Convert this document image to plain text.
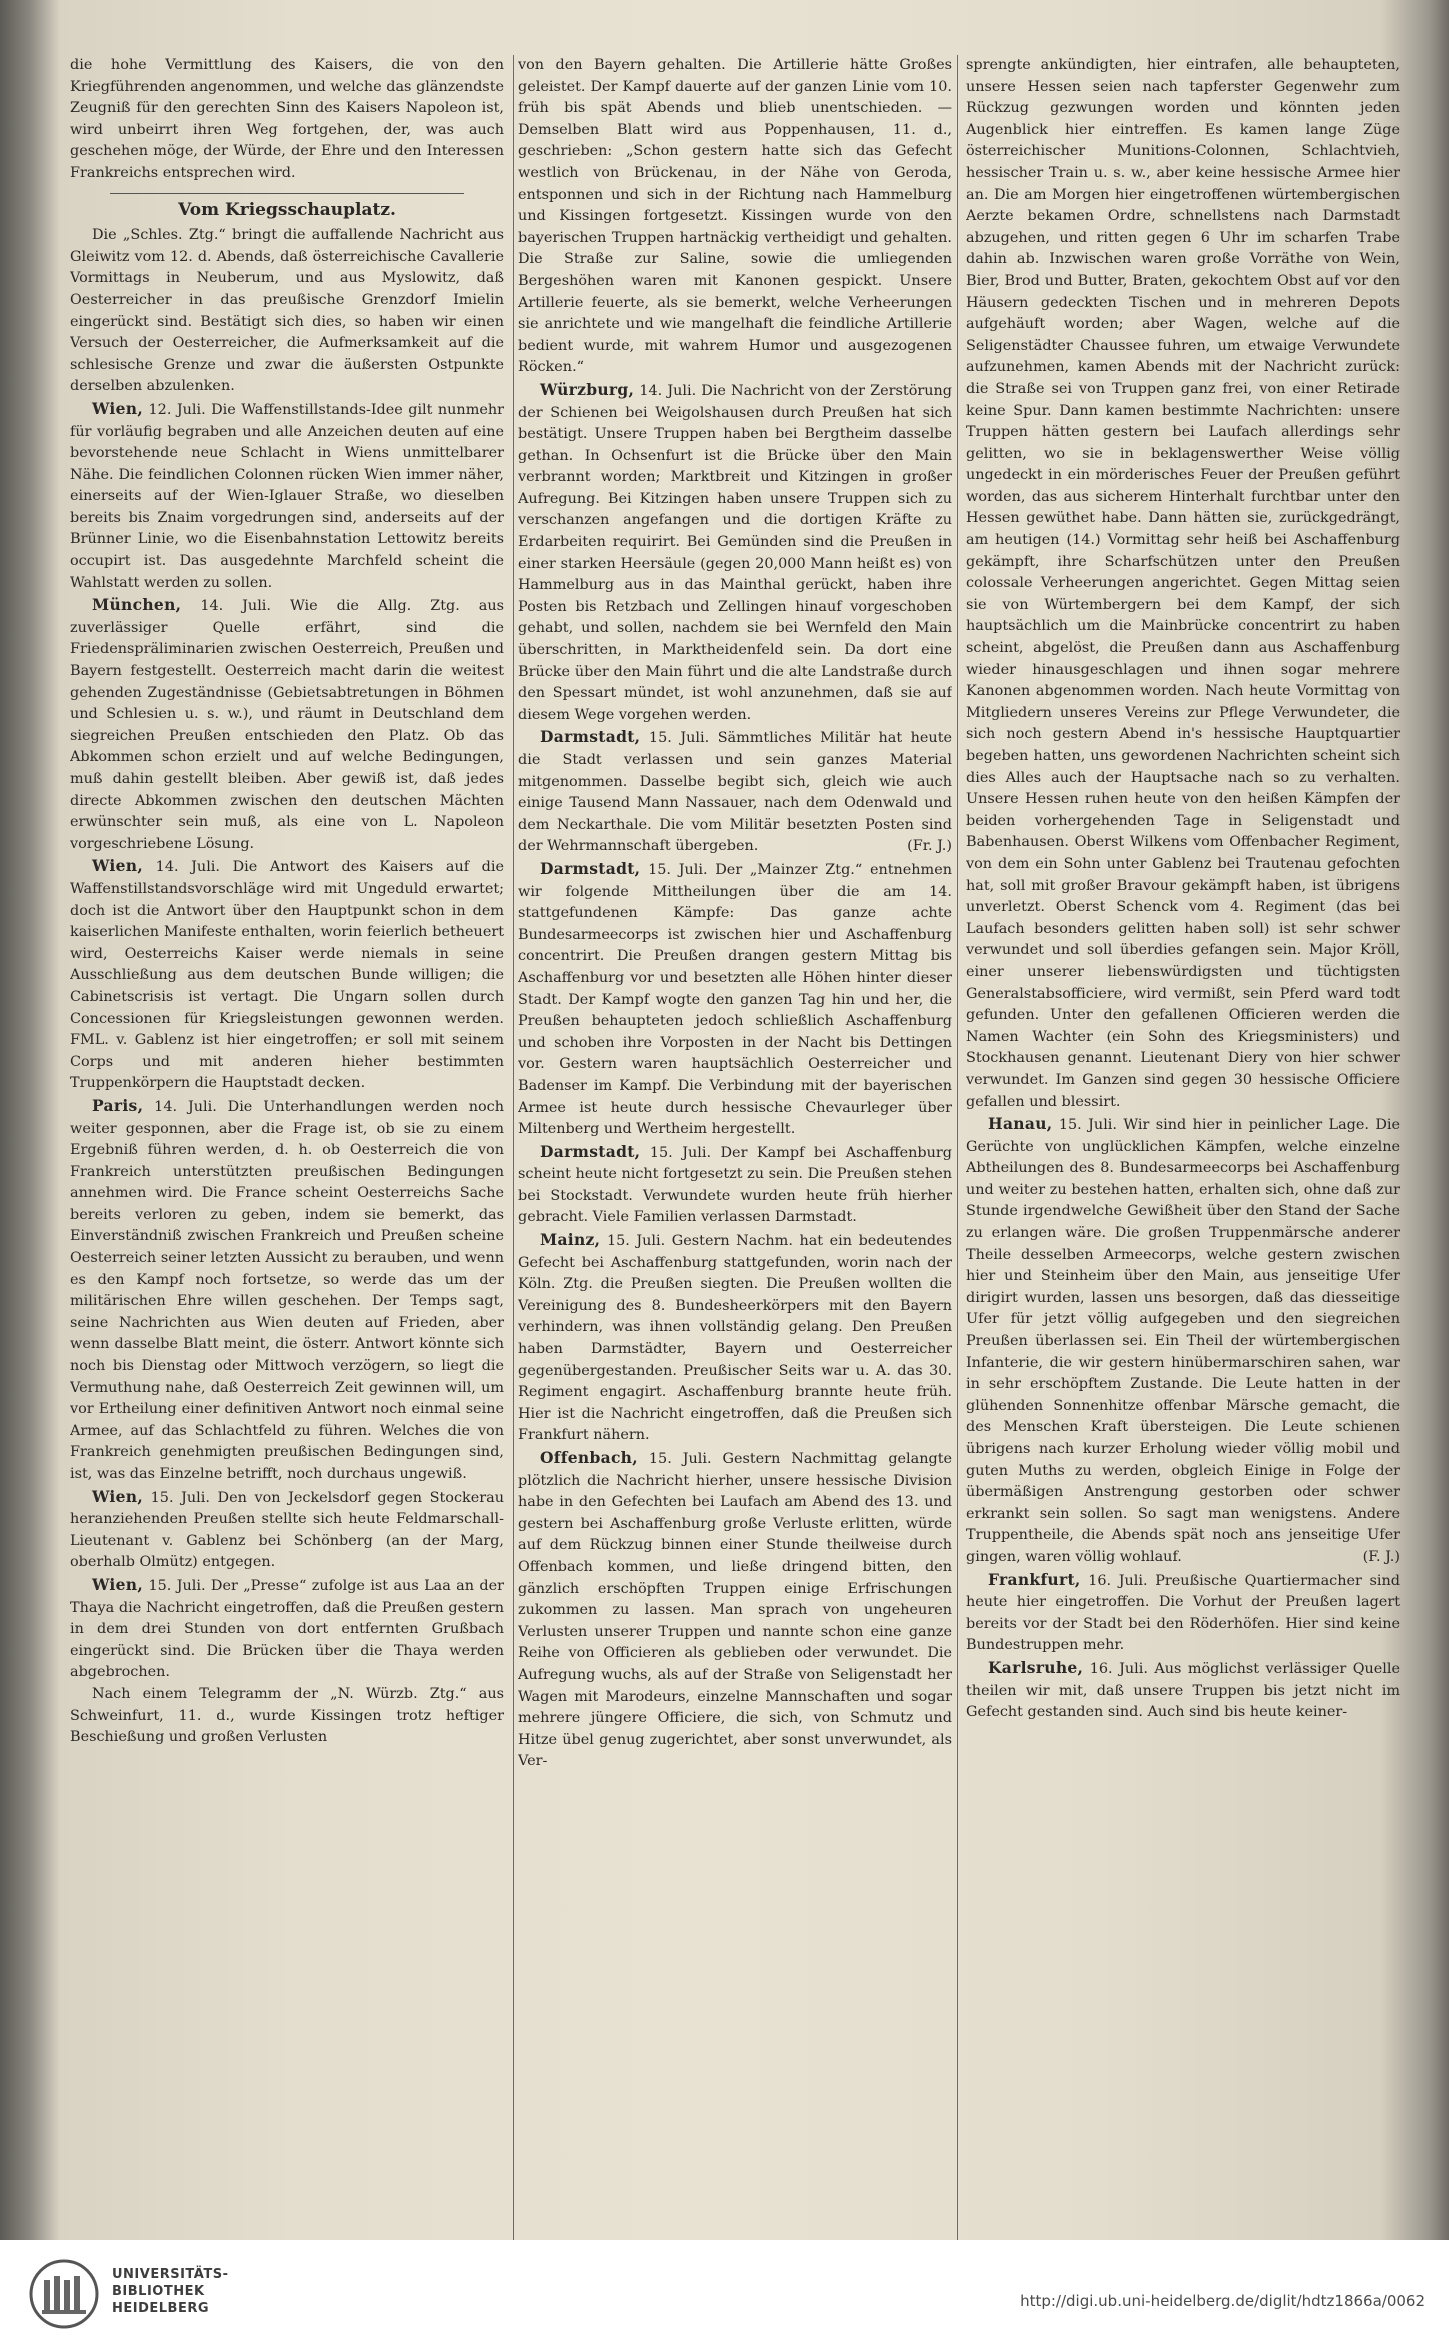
die hohe Vermittlung des Kaisers, die von den Kriegführenden angenommen, und welche das glänzendste Zeugniß für den gerechten Sinn des Kaisers Napoleon ist, wird unbeirrt ihren Weg fortgehen, der, was auch geschehen möge, der Würde, der Ehre und den Interessen Frankreichs entsprechen wird.

Vom Kriegsschauplatz.

Die „Schles. Ztg.“ bringt die auffallende Nachricht aus Gleiwitz vom 12. d. Abends, daß österreichische Cavallerie Vormittags in Neuberum, und aus Myslowitz, daß Oesterreicher in das preußische Grenzdorf Imielin eingerückt sind. Bestätigt sich dies, so haben wir einen Versuch der Oesterreicher, die Aufmerksamkeit auf die schlesische Grenze und zwar die äußersten Ostpunkte derselben abzulenken.

Wien, 12. Juli. Die Waffenstillstands-Idee gilt nunmehr für vorläufig begraben und alle Anzeichen deuten auf eine bevorstehende neue Schlacht in Wiens unmittelbarer Nähe. Die feindlichen Colonnen rücken Wien immer näher, einerseits auf der Wien-Iglauer Straße, wo dieselben bereits bis Znaim vorgedrungen sind, anderseits auf der Brünner Linie, wo die Eisenbahnstation Lettowitz bereits occupirt ist. Das ausgedehnte Marchfeld scheint die Wahlstatt werden zu sollen.

München, 14. Juli. Wie die Allg. Ztg. aus zuverlässiger Quelle erfährt, sind die Friedenspräliminarien zwischen Oesterreich, Preußen und Bayern festgestellt. Oesterreich macht darin die weitest gehenden Zugeständnisse (Gebietsabtretungen in Böhmen und Schlesien u. s. w.), und räumt in Deutschland dem siegreichen Preußen entschieden den Platz. Ob das Abkommen schon erzielt und auf welche Bedingungen, muß dahin gestellt bleiben. Aber gewiß ist, daß jedes directe Abkommen zwischen den deutschen Mächten erwünschter sein muß, als eine von L. Napoleon vorgeschriebene Lösung.

Wien, 14. Juli. Die Antwort des Kaisers auf die Waffenstillstandsvorschläge wird mit Ungeduld erwartet; doch ist die Antwort über den Hauptpunkt schon in dem kaiserlichen Manifeste enthalten, worin feierlich betheuert wird, Oesterreichs Kaiser werde niemals in seine Ausschließung aus dem deutschen Bunde willigen; die Cabinetscrisis ist vertagt. Die Ungarn sollen durch Concessionen für Kriegsleistungen gewonnen werden. FML. v. Gablenz ist hier eingetroffen; er soll mit seinem Corps und mit anderen hieher bestimmten Truppenkörpern die Hauptstadt decken.

Paris, 14. Juli. Die Unterhandlungen werden noch weiter gesponnen, aber die Frage ist, ob sie zu einem Ergebniß führen werden, d. h. ob Oesterreich die von Frankreich unterstützten preußischen Bedingungen annehmen wird. Die France scheint Oesterreichs Sache bereits verloren zu geben, indem sie bemerkt, das Einverständniß zwischen Frankreich und Preußen scheine Oesterreich seiner letzten Aussicht zu berauben, und wenn es den Kampf noch fortsetze, so werde das um der militärischen Ehre willen geschehen. Der Temps sagt, seine Nachrichten aus Wien deuten auf Frieden, aber wenn dasselbe Blatt meint, die österr. Antwort könnte sich noch bis Dienstag oder Mittwoch verzögern, so liegt die Vermuthung nahe, daß Oesterreich Zeit gewinnen will, um vor Ertheilung einer definitiven Antwort noch einmal seine Armee, auf das Schlachtfeld zu führen. Welches die von Frankreich genehmigten preußischen Bedingungen sind, ist, was das Einzelne betrifft, noch durchaus ungewiß.

Wien, 15. Juli. Den von Jeckelsdorf gegen Stockerau heranziehenden Preußen stellte sich heute Feldmarschall-Lieutenant v. Gablenz bei Schönberg (an der Marg, oberhalb Olmütz) entgegen.

Wien, 15. Juli. Der „Presse“ zufolge ist aus Laa an der Thaya die Nachricht eingetroffen, daß die Preußen gestern in dem drei Stunden von dort entfernten Grußbach eingerückt sind. Die Brücken über die Thaya werden abgebrochen.

Nach einem Telegramm der „N. Würzb. Ztg.“ aus Schweinfurt, 11. d., wurde Kissingen trotz heftiger Beschießung und großen Verlusten

von den Bayern gehalten. Die Artillerie hätte Großes geleistet. Der Kampf dauerte auf der ganzen Linie vom 10. früh bis spät Abends und blieb unentschieden. — Demselben Blatt wird aus Poppenhausen, 11. d., geschrieben: „Schon gestern hatte sich das Gefecht westlich von Brückenau, in der Nähe von Geroda, entsponnen und sich in der Richtung nach Hammelburg und Kissingen fortgesetzt. Kissingen wurde von den bayerischen Truppen hartnäckig vertheidigt und gehalten. Die Straße zur Saline, sowie die umliegenden Bergeshöhen waren mit Kanonen gespickt. Unsere Artillerie feuerte, als sie bemerkt, welche Verheerungen sie anrichtete und wie mangelhaft die feindliche Artillerie bedient wurde, mit wahrem Humor und ausgezogenen Röcken.“

Würzburg, 14. Juli. Die Nachricht von der Zerstörung der Schienen bei Weigolshausen durch Preußen hat sich bestätigt. Unsere Truppen haben bei Bergtheim dasselbe gethan. In Ochsenfurt ist die Brücke über den Main verbrannt worden; Marktbreit und Kitzingen in großer Aufregung. Bei Kitzingen haben unsere Truppen sich zu verschanzen angefangen und die dortigen Kräfte zu Erdarbeiten requirirt. Bei Gemünden sind die Preußen in einer starken Heersäule (gegen 20,000 Mann heißt es) von Hammelburg aus in das Mainthal gerückt, haben ihre Posten bis Retzbach und Zellingen hinauf vorgeschoben gehabt, und sollen, nachdem sie bei Wernfeld den Main überschritten, in Marktheidenfeld sein. Da dort eine Brücke über den Main führt und die alte Landstraße durch den Spessart mündet, ist wohl anzunehmen, daß sie auf diesem Wege vorgehen werden.

Darmstadt, 15. Juli. Sämmtliches Militär hat heute die Stadt verlassen und sein ganzes Material mitgenommen. Dasselbe begibt sich, gleich wie auch einige Tausend Mann Nassauer, nach dem Odenwald und dem Neckarthale. Die vom Militär besetzten Posten sind der Wehrmannschaft übergeben.	(Fr. J.)

Darmstadt, 15. Juli. Der „Mainzer Ztg.“ entnehmen wir folgende Mittheilungen über die am 14. stattgefundenen Kämpfe: Das ganze achte Bundesarmeecorps ist zwischen hier und Aschaffenburg concentrirt. Die Preußen drangen gestern Mittag bis Aschaffenburg vor und besetzten alle Höhen hinter dieser Stadt. Der Kampf wogte den ganzen Tag hin und her, die Preußen behaupteten jedoch schließlich Aschaffenburg und schoben ihre Vorposten in der Nacht bis Dettingen vor. Gestern waren hauptsächlich Oesterreicher und Badenser im Kampf. Die Verbindung mit der bayerischen Armee ist heute durch hessische Chevaurleger über Miltenberg und Wertheim hergestellt.

Darmstadt, 15. Juli. Der Kampf bei Aschaffenburg scheint heute nicht fortgesetzt zu sein. Die Preußen stehen bei Stockstadt. Verwundete wurden heute früh hierher gebracht. Viele Familien verlassen Darmstadt.

Mainz, 15. Juli. Gestern Nachm. hat ein bedeutendes Gefecht bei Aschaffenburg stattgefunden, worin nach der Köln. Ztg. die Preußen siegten. Die Preußen wollten die Vereinigung des 8. Bundesheerkörpers mit den Bayern verhindern, was ihnen vollständig gelang. Den Preußen haben Darmstädter, Bayern und Oesterreicher gegenübergestanden. Preußischer Seits war u. A. das 30. Regiment engagirt. Aschaffenburg brannte heute früh. Hier ist die Nachricht eingetroffen, daß die Preußen sich Frankfurt nähern.

Offenbach, 15. Juli. Gestern Nachmittag gelangte plötzlich die Nachricht hierher, unsere hessische Division habe in den Gefechten bei Laufach am Abend des 13. und gestern bei Aschaffenburg große Verluste erlitten, würde auf dem Rückzug binnen einer Stunde theilweise durch Offenbach kommen, und ließe dringend bitten, den gänzlich erschöpften Truppen einige Erfrischungen zukommen zu lassen. Man sprach von ungeheuren Verlusten unserer Truppen und nannte schon eine ganze Reihe von Officieren als geblieben oder verwundet. Die Aufregung wuchs, als auf der Straße von Seligenstadt her Wagen mit Marodeurs, einzelne Mannschaften und sogar mehrere jüngere Officiere, die sich, von Schmutz und Hitze übel genug zugerichtet, aber sonst unverwundet, als Ver-

sprengte ankündigten, hier eintrafen, alle behaupteten, unsere Hessen seien nach tapferster Gegenwehr zum Rückzug gezwungen worden und könnten jeden Augenblick hier eintreffen. Es kamen lange Züge österreichischer Munitions-Colonnen, Schlachtvieh, hessischer Train u. s. w., aber keine hessische Armee hier an. Die am Morgen hier eingetroffenen würtembergischen Aerzte bekamen Ordre, schnellstens nach Darmstadt abzugehen, und ritten gegen 6 Uhr im scharfen Trabe dahin ab. Inzwischen waren große Vorräthe von Wein, Bier, Brod und Butter, Braten, gekochtem Obst auf vor den Häusern gedeckten Tischen und in mehreren Depots aufgehäuft worden; aber Wagen, welche auf die Seligenstädter Chaussee fuhren, um etwaige Verwundete aufzunehmen, kamen Abends mit der Nachricht zurück: die Straße sei von Truppen ganz frei, von einer Retirade keine Spur. Dann kamen bestimmte Nachrichten: unsere Truppen hätten gestern bei Laufach allerdings sehr gelitten, wo sie in beklagenswerther Weise völlig ungedeckt in ein mörderisches Feuer der Preußen geführt worden, das aus sicherem Hinterhalt furchtbar unter den Hessen gewüthet habe. Dann hätten sie, zurückgedrängt, am heutigen (14.) Vormittag sehr heiß bei Aschaffenburg gekämpft, ihre Scharfschützen unter den Preußen colossale Verheerungen angerichtet. Gegen Mittag seien sie von Würtembergern bei dem Kampf, der sich hauptsächlich um die Mainbrücke concentrirt zu haben scheint, abgelöst, die Preußen dann aus Aschaffenburg wieder hinausgeschlagen und ihnen sogar mehrere Kanonen abgenommen worden. Nach heute Vormittag von Mitgliedern unseres Vereins zur Pflege Verwundeter, die sich noch gestern Abend in's hessische Hauptquartier begeben hatten, uns gewordenen Nachrichten scheint sich dies Alles auch der Hauptsache nach so zu verhalten. Unsere Hessen ruhen heute von den heißen Kämpfen der beiden vorhergehenden Tage in Seligenstadt und Babenhausen. Oberst Wilkens vom Offenbacher Regiment, von dem ein Sohn unter Gablenz bei Trautenau gefochten hat, soll mit großer Bravour gekämpft haben, ist übrigens unverletzt. Oberst Schenck vom 4. Regiment (das bei Laufach besonders gelitten haben soll) ist sehr schwer verwundet und soll überdies gefangen sein. Major Kröll, einer unserer liebenswürdigsten und tüchtigsten Generalstabsofficiere, wird vermißt, sein Pferd ward todt gefunden. Unter den gefallenen Officieren werden die Namen Wachter (ein Sohn des Kriegsministers) und Stockhausen genannt. Lieutenant Diery von hier schwer verwundet. Im Ganzen sind gegen 30 hessische Officiere gefallen und blessirt.

Hanau, 15. Juli. Wir sind hier in peinlicher Lage. Die Gerüchte von unglücklichen Kämpfen, welche einzelne Abtheilungen des 8. Bundesarmeecorps bei Aschaffenburg und weiter zu bestehen hatten, erhalten sich, ohne daß zur Stunde irgendwelche Gewißheit über den Stand der Sache zu erlangen wäre. Die großen Truppenmärsche anderer Theile desselben Armeecorps, welche gestern zwischen hier und Steinheim über den Main, aus jenseitige Ufer dirigirt wurden, lassen uns besorgen, daß das diesseitige Ufer für jetzt völlig aufgegeben und den siegreichen Preußen überlassen sei. Ein Theil der würtembergischen Infanterie, die wir gestern hinübermarschiren sahen, war in sehr erschöpftem Zustande. Die Leute hatten in der glühenden Sonnenhitze offenbar Märsche gemacht, die des Menschen Kraft übersteigen. Die Leute schienen übrigens nach kurzer Erholung wieder völlig mobil und guten Muths zu werden, obgleich Einige in Folge der übermäßigen Anstrengung gestorben oder schwer erkrankt sein sollen. So sagt man wenigstens. Andere Truppentheile, die Abends spät noch ans jenseitige Ufer gingen, waren völlig wohlauf.	(F. J.)

Frankfurt, 16. Juli. Preußische Quartiermacher sind heute hier eingetroffen. Die Vorhut der Preußen lagert bereits vor der Stadt bei den Röderhöfen. Hier sind keine Bundestruppen mehr.

Karlsruhe, 16. Juli. Aus möglichst verlässiger Quelle theilen wir mit, daß unsere Truppen bis jetzt nicht im Gefecht gestanden sind. Auch sind bis heute keiner-

UNIVERSITÄTS-
BIBLIOTHEK
HEIDELBERG	http://digi.ub.uni-heidelberg.de/diglit/hdtz1866a/0062
